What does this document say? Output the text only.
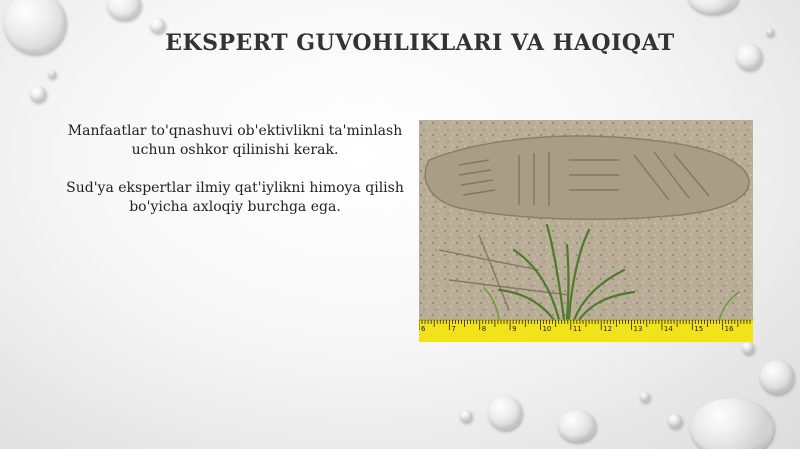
EKSPERT GUVOHLIKLARI VA HAQIQAT

Manfaatlar to'qnashuvi ob'ektivlikni ta'minlash uchun oshkor qilinishi kerak.

Sud'ya ekspertlar ilmiy qat'iylikni himoya qilish bo'yicha axloqiy burchga ega.

6	7	8	9	10	11	12	13	14	15	16
